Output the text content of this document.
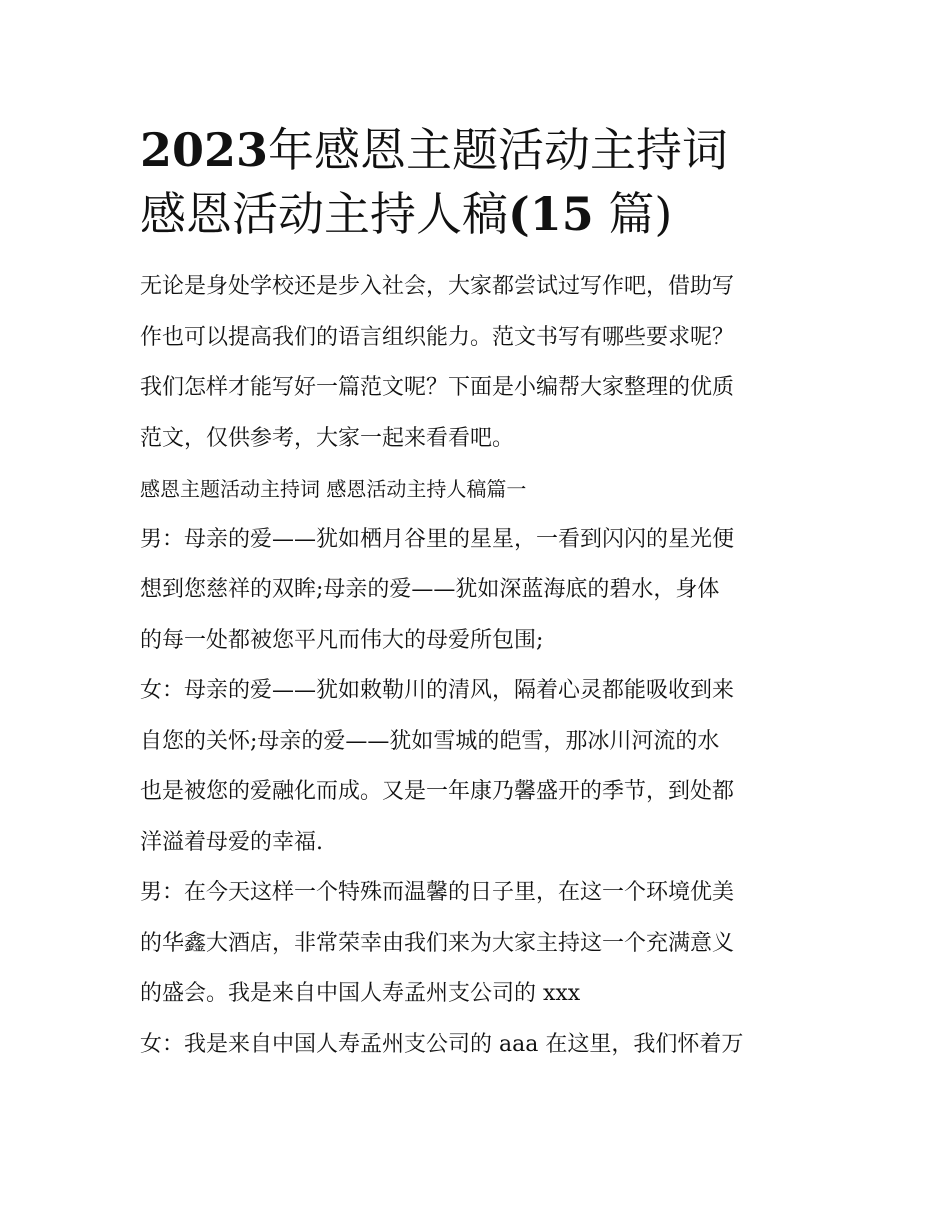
2023年感恩主题活动主持词
感恩活动主持人稿(15 篇)

无论是身处学校还是步入社会，大家都尝试过写作吧，借助写
作也可以提高我们的语言组织能力。范文书写有哪些要求呢？
我们怎样才能写好一篇范文呢？下面是小编帮大家整理的优质
范文，仅供参考，大家一起来看看吧。

感恩主题活动主持词 感恩活动主持人稿篇一

男：母亲的爱——犹如栖月谷里的星星，一看到闪闪的星光便
想到您慈祥的双眸;母亲的爱——犹如深蓝海底的碧水，身体
的每一处都被您平凡而伟大的母爱所包围;

女：母亲的爱——犹如敕勒川的清风，隔着心灵都能吸收到来
自您的关怀;母亲的爱——犹如雪城的皑雪，那冰川河流的水
也是被您的爱融化而成。又是一年康乃馨盛开的季节，到处都
洋溢着母爱的幸福.

男：在今天这样一个特殊而温馨的日子里，在这一个环境优美
的华鑫大酒店，非常荣幸由我们来为大家主持这一个充满意义
的盛会。我是来自中国人寿孟州支公司的 xxx

女：我是来自中国人寿孟州支公司的 aaa 在这里，我们怀着万
